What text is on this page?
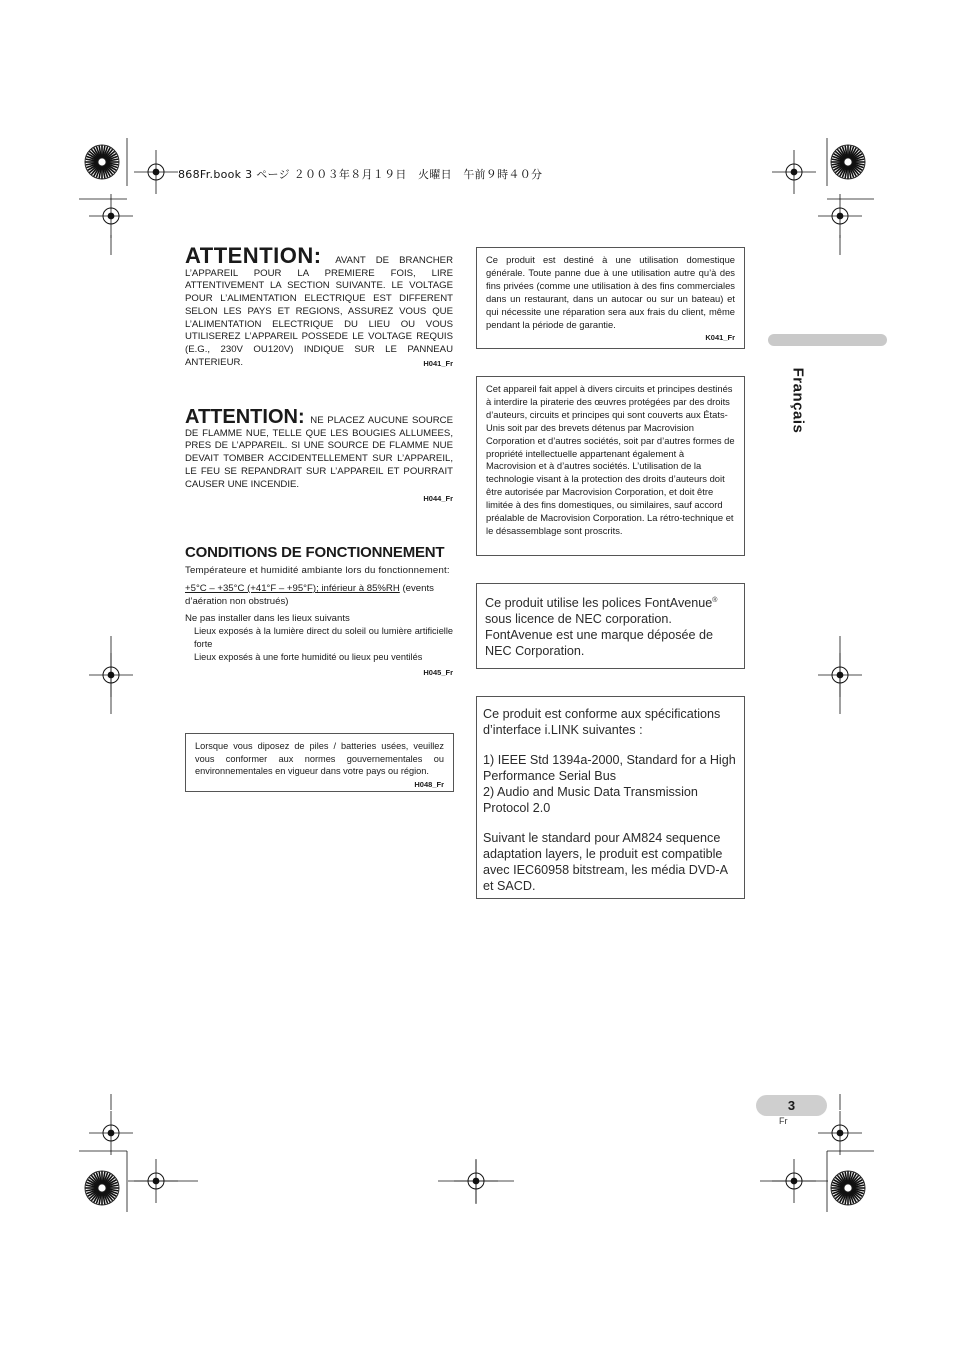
868Fr.book 3 ページ ２００３年８月１９日　火曜日　午前９時４０分
ATTENTION: AVANT DE BRANCHER L’APPAREIL POUR LA PREMIERE FOIS, LIRE ATTENTIVEMENT LA SECTION SUIVANTE. LE VOLTAGE POUR L’ALIMENTATION ELECTRIQUE EST DIFFERENT SELON LES PAYS ET REGIONS, ASSUREZ VOUS QUE L’ALIMENTATION ELECTRIQUE DU LIEU OU VOUS UTILISEREZ L’APPAREIL POSSEDE LE VOLTAGE REQUIS (E.G., 230V OU120V) INDIQUE SUR LE PANNEAU ANTERIEUR.	H041_Fr
ATTENTION: NE PLACEZ AUCUNE SOURCE DE FLAMME NUE, TELLE QUE LES BOUGIES ALLUMEES, PRES DE L’APPAREIL. SI UNE SOURCE DE FLAMME NUE DEVAIT TOMBER ACCIDENTELLEMENT SUR L’APPAREIL, LE FEU SE REPANDRAIT SUR L’APPAREIL ET POURRAIT CAUSER UNE INCENDIE.
H044_Fr
CONDITIONS DE FONCTIONNEMENT
Températeure et humidité ambiante lors du fonctionnement:
+5°C – +35°C (+41°F – +95°F); inférieur à 85%RH (events d’aération non obstrués)
Ne pas installer dans les lieux suivants
Lieux exposés à la lumière direct du soleil ou lumière artificielle forte
Lieux exposés à une forte humidité ou lieux peu ventilés
H045_Fr
Lorsque vous diposez de piles / batteries usées, veuillez vous conformer aux normes gouvernementales ou environnementales en vigueur dans votre pays ou région.
H048_Fr
Ce produit est destiné à une utilisation domestique générale. Toute panne due à une utilisation autre qu’à des fins privées (comme une utilisation à des fins commerciales dans un restaurant, dans un autocar ou sur un bateau) et qui nécessite une réparation sera aux frais du client, même pendant la période de garantie.
K041_Fr
Cet appareil fait appel à divers circuits et principes destinés à interdire la piraterie des œuvres protégées par des droits d’auteurs, circuits et principes qui sont couverts aux États-Unis soit par des brevets détenus par Macrovision Corporation et d’autres sociétés, soit par d’autres formes de propriété intellectuelle appartenant également à Macrovision et à d’autres sociétés. L’utilisation de la technologie visant à la protection des droits d’auteurs doit être autorisée par Macrovision Corporation, et doit être limitée à des fins domestiques, ou similaires, sauf accord préalable de Macrovision Corporation. La rétro-technique et le désassemblage sont proscrits.
Ce produit utilise les polices FontAvenue® sous licence de NEC corporation. FontAvenue est une marque déposée de NEC Corporation.
Ce produit est conforme aux spécifications d’interface i.LINK suivantes :
1) IEEE Std 1394a-2000, Standard for a High Performance Serial Bus
2) Audio and Music Data Transmission Protocol 2.0
Suivant le standard pour AM824 sequence adaptation layers, le produit est compatible avec IEC60958 bitstream, les média DVD-A et SACD.
Français
3
Fr
